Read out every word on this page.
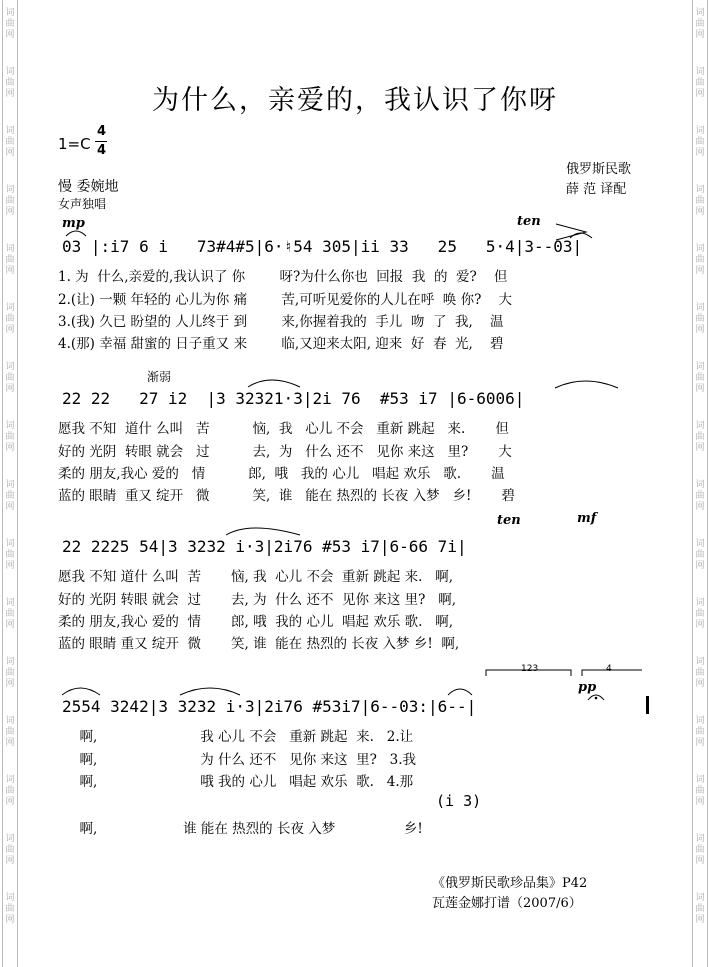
词曲网
词曲网
词曲网
词曲网
词曲网
词曲网
词曲网
词曲网
词曲网
词曲网
词曲网
词曲网
词曲网
词曲网
词曲网
词曲网
词曲网
词曲网
词曲网
词曲网
词曲网
词曲网
词曲网
词曲网
词曲网
词曲网
词曲网
词曲网
词曲网
词曲网
词曲网
词曲网
为什么，亲爱的，我认识了你呀
1=C
4
4
俄罗斯民歌
薛 范 译配
慢 委婉地
女声独唱
mp	ten
渐弱
ten	mf
pp
123	4
03 |:i7 6 i   73#4#5|6·♮54 305|ii 33   25   5·4|3--03|
1. 为  什么,亲爱的,我认识了 你        呀?为什么你也  回报  我  的  爱?    但
2.(让) 一颗 年轻的 心儿为你 痛        苦,可听见爱你的人儿在呼  唤 你?    大
3.(我) 久已 盼望的 人儿终于 到        来,你握着我的  手儿  吻  了  我,    温
4.(那) 幸福 甜蜜的 日子重又 来        临,又迎来太阳, 迎来  好  春  光,    碧
22 22   27 i2  |3 32321·3|2i 76  #53 i7 |6-6006|
愿我 不知  道什 么叫   苦          恼,  我   心儿 不会   重新 跳起   来.       但
好的 光阴  转眼 就会   过          去,  为   什么 还不   见你 来这   里?       大
柔的 朋友,我心 爱的   情          郎,  哦   我的 心儿   唱起 欢乐   歌.       温
蓝的 眼睛  重又 绽开   微          笑,  谁   能在 热烈的 长夜 入梦   乡!       碧
22 2225 54|3 3232 i·3|2i76 #53 i7|6-66 7i|
愿我 不知 道什 么叫  苦       恼, 我  心儿 不会  重新 跳起 来.   啊,
好的 光阴 转眼 就会  过       去, 为  什么 还不  见你 来这 里?   啊,
柔的 朋友,我心 爱的  情       郎, 哦  我的 心儿  唱起 欢乐 歌.   啊,
蓝的 眼睛 重又 绽开  微       笑, 谁  能在 热烈的 长夜 入梦 乡!  啊,
2554 3242|3 3232 i·3|2i76 #53i7|6--03:|6--|
啊,                        我 心儿 不会   重新 跳起  来.   2.让
啊,                        为 什么 还不   见你 来这  里?   3.我
啊,                        哦 我的 心儿   唱起 欢乐  歌.   4.那
(i 3)
啊,                    谁 能在 热烈的 长夜 入梦                乡!
《俄罗斯民歌珍品集》P42
瓦莲金娜打谱（2007/6）
